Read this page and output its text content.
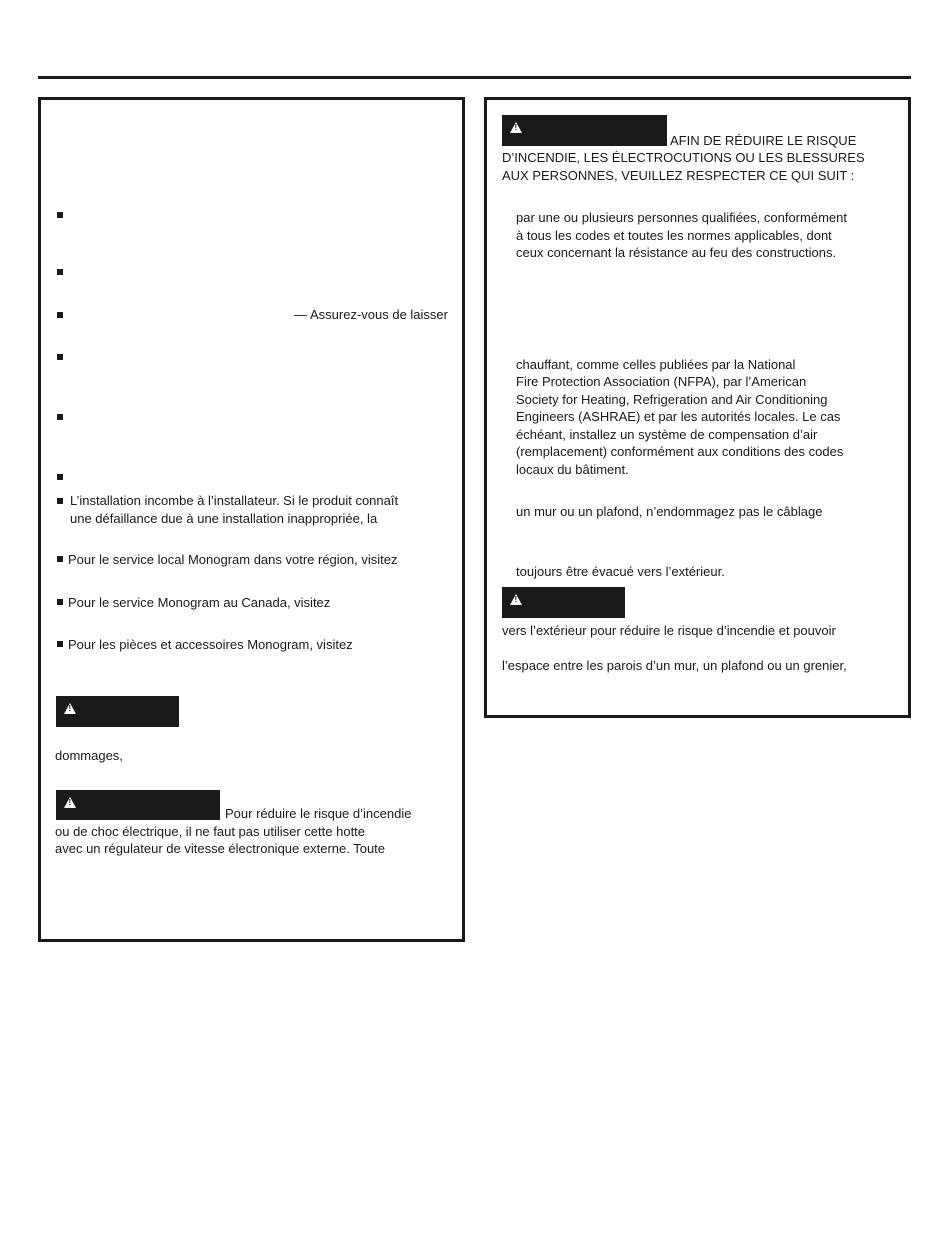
— Assurez-vous de laisser

L’installation incombe à l’installateur. Si le produit connaît

une défaillance due à une installation inappropriée, la

Pour le service local Monogram dans votre région, visitez

Pour le service Monogram au Canada, visitez

Pour les pièces et accessoires Monogram, visitez

!

dommages,

!

Pour réduire le risque d’incendie

ou de choc électrique, il ne faut pas utiliser cette hotte

avec un régulateur de vitesse électronique externe. Toute

!

AFIN DE RÉDUIRE LE RISQUE

D’INCENDIE, LES ÉLECTROCUTIONS OU LES BLESSURES

AUX PERSONNES, VEUILLEZ RESPECTER CE QUI SUIT :

par une ou plusieurs personnes qualifiées, conformément

à tous les codes et toutes les normes applicables, dont

ceux concernant la résistance au feu des constructions.

chauffant, comme celles publiées par la National

Fire Protection Association (NFPA), par l’American

Society for Heating, Refrigeration and Air Conditioning

Engineers (ASHRAE) et par les autorités locales. Le cas

échéant, installez un système de compensation d’air

(remplacement) conformément aux conditions des codes

locaux du bâtiment.

un mur ou un plafond, n’endommagez pas le câblage

toujours être évacué vers l’extérieur.

!

vers l’extérieur pour réduire le risque d’incendie et pouvoir

l’espace entre les parois d’un mur, un plafond ou un grenier,
